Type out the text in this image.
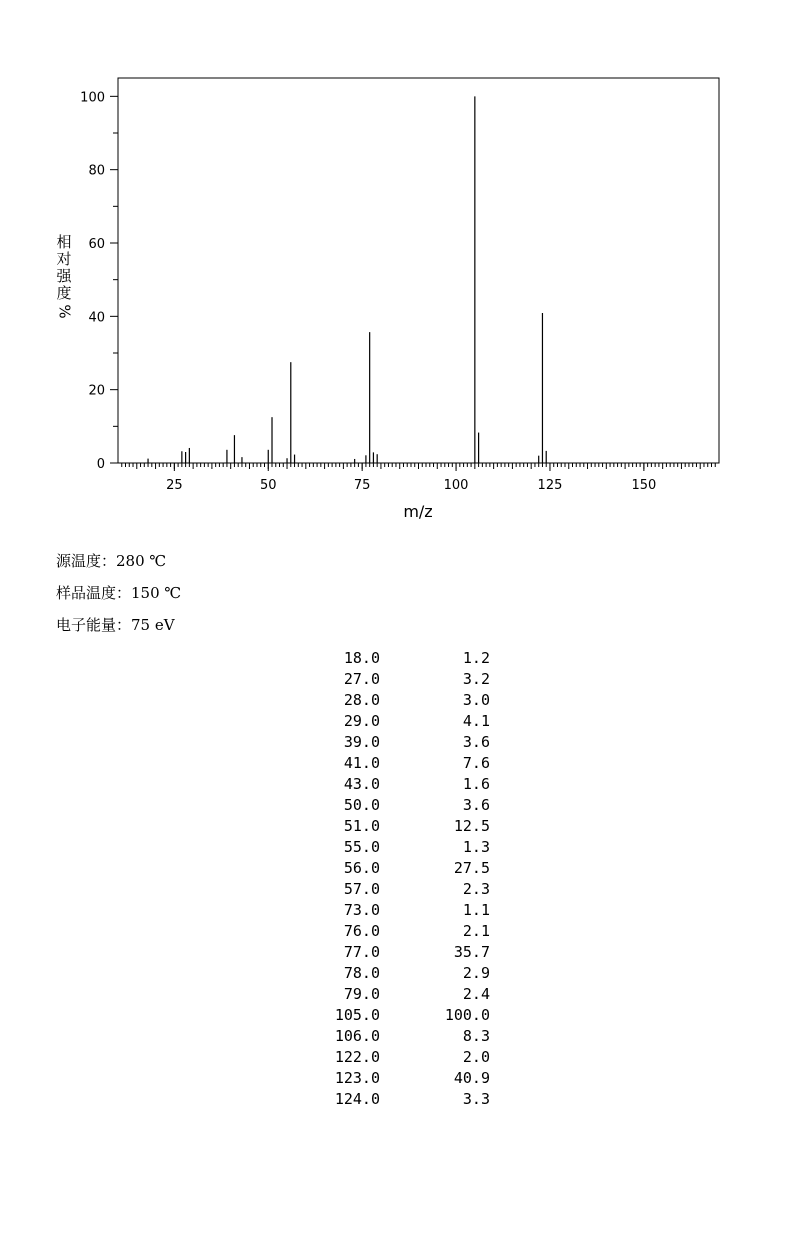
0
20
40
60
80
100
25	50	75	100	125	150
m/z
相
对
强
度
%
源温度：280 ℃
样品温度：150 ℃
电子能量：75 eV
18.0	1.2
27.0	3.2
28.0	3.0
29.0	4.1
39.0	3.6
41.0	7.6
43.0	1.6
50.0	3.6
51.0	12.5
55.0	1.3
56.0	27.5
57.0	2.3
73.0	1.1
76.0	2.1
77.0	35.7
78.0	2.9
79.0	2.4
105.0	100.0
106.0	8.3
122.0	2.0
123.0	40.9
124.0	3.3
